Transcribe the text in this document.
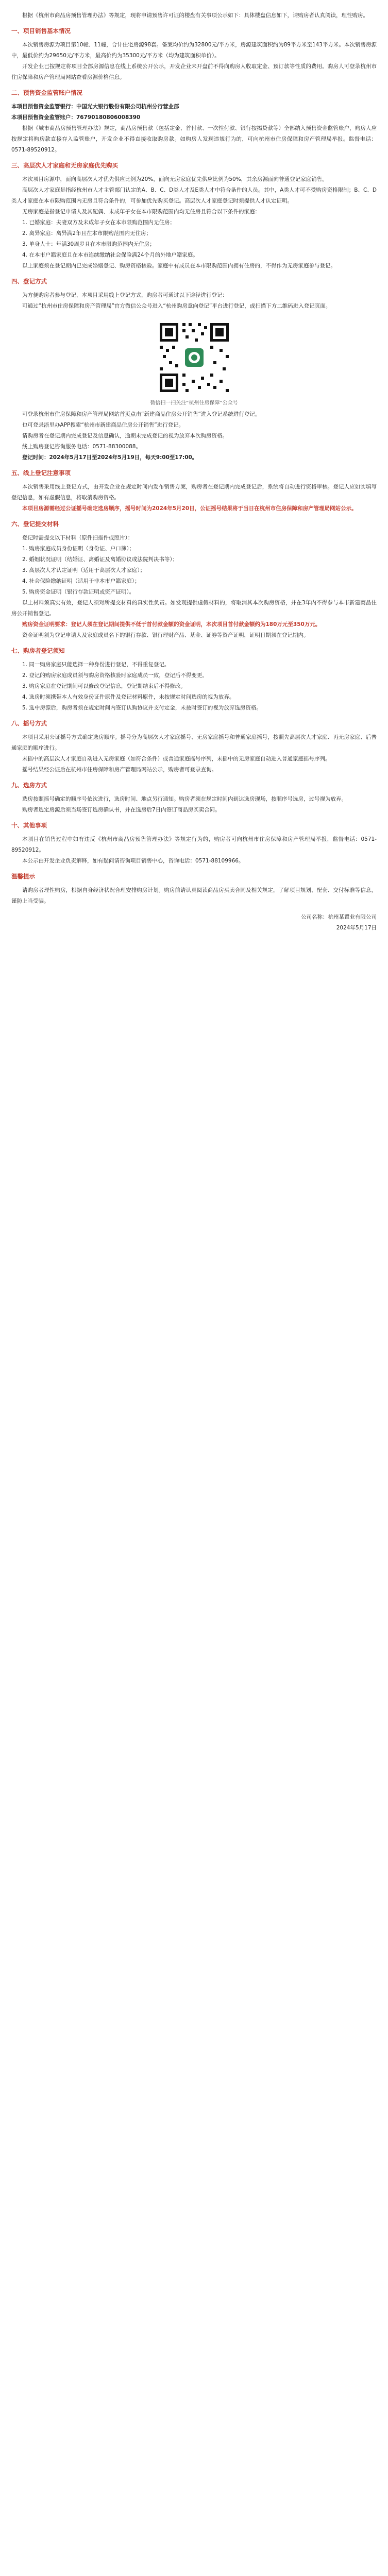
根据《杭州市商品房预售管理办法》等规定，现将申请预售许可证的楼盘有关事项公示如下：具体楼盘信息如下，请购房者认真阅读，理性购房。

一、项目销售基本情况

本次销售房源为项目第10幢、11幢，合计住宅房源98套。备案均价约为32800元/平方米，房源建筑面积约为89平方米至143平方米。本次销售房源中，最低价约为29650元/平方米，最高价约为35300元/平方米（均为建筑面积单价）。

开发企业已按规定将项目全部房源信息在线上系统公开公示，开发企业未开盘前不得向购房人收取定金、预订款等性质的费用。购房人可登录杭州市住房保障和房产管理局网站查看房源价格信息。

二、预售资金监管账户情况

本项目预售资金监管银行：中国光大银行股份有限公司杭州分行营业部

本项目预售资金监管账户：76790180806008390

根据《城市商品房预售管理办法》规定，商品房预售款（包括定金、首付款、一次性付款、银行按揭贷款等）全部纳入预售资金监管账户，购房人应按规定将购房款直接存入监管账户，开发企业不得直接收取购房款。如购房人发现违规行为的，可向杭州市住房保障和房产管理局举报。监督电话：0571-89520912。

三、高层次人才家庭和无房家庭优先购买

本次项目房源中，面向高层次人才优先供应比例为20%，面向无房家庭优先供应比例为50%，其余房源面向普通登记家庭销售。

高层次人才家庭是指经杭州市人才主管部门认定的A、B、C、D类人才及E类人才中符合条件的人员。其中，A类人才可不受购房资格限制；B、C、D类人才家庭在本市限购范围内无房且符合条件的，可参加优先购买登记。高层次人才家庭登记时须提供人才认定证明。

无房家庭是指登记申请人及其配偶、未成年子女在本市限购范围内均无住房且符合以下条件的家庭：

1. 已婚家庭：夫妻双方及未成年子女在本市限购范围内无住房；

2. 离异家庭：离异满2年且在本市限购范围内无住房；

3. 单身人士：年满30周岁且在本市限购范围内无住房；

4. 在本市户籍家庭且在本市连续缴纳社会保险满24个月的外地户籍家庭。

以上家庭须在登记期内已完成婚姻登记、购房资格核验。家庭中有成员在本市限购范围内拥有住房的，不得作为无房家庭参与登记。

四、登记方式

为方便购房者参与登记，本项目采用线上登记方式，购房者可通过以下途径进行登记：

可通过“杭州市住房保障和房产管理局”官方微信公众号进入“杭州购房意向登记”平台进行登记，或扫描下方二维码进入登记页面。

微信扫一扫关注“杭州住房保障”公众号

可登录杭州市住房保障和房产管理局网站首页点击“新建商品住房公开销售”进入登记系统进行登记。

也可登录浙里办APP搜索“杭州市新建商品住房公开销售”进行登记。

请购房者在登记期内完成登记及信息确认，逾期未完成登记的视为放弃本次购房资格。

线上购房登记咨询服务电话：0571-88300088。

登记时间：2024年5月17日至2024年5月19日，每天9:00至17:00。

五、线上登记注意事项

本次销售采用线上登记方式，由开发企业在规定时间内发布销售方案，购房者在登记期内完成登记后，系统将自动进行资格审核。登记人应如实填写登记信息，如有虚假信息，将取消购房资格。

本项目房源需经过公证摇号确定选房顺序，摇号时间为2024年5月20日，公证摇号结果将于当日在杭州市住房保障和房产管理局网站公示。

六、登记提交材料

登记时需提交以下材料（原件扫描件或照片）：

1. 购房家庭成员身份证明（身份证、户口簿）；

2. 婚姻状况证明（结婚证、离婚证及离婚协议或法院判决书等）；

3. 高层次人才认定证明（适用于高层次人才家庭）；

4. 社会保险缴纳证明（适用于非本市户籍家庭）；

5. 购房资金证明（银行存款证明或资产证明）。

以上材料须真实有效，登记人须对所提交材料的真实性负责。如发现提供虚假材料的，将取消其本次购房资格，并在3年内不得参与本市新建商品住房公开销售登记。

购房资金证明要求：登记人须在登记期间提供不低于首付款金额的资金证明，本次项目首付款金额约为180万元至350万元。

资金证明须为登记申请人及家庭成员名下的银行存款、银行理财产品、基金、证券等资产证明，证明日期须在登记期内。

七、购房者登记须知

1. 同一购房家庭只能选择一种身份进行登记，不得重复登记。

2. 登记的购房家庭成员须与购房资格核验时家庭成员一致，登记后不得变更。

3. 购房家庭在登记期间可以修改登记信息，登记期结束后不得修改。

4. 选房时须携带本人有效身份证件原件及登记材料原件，未按规定时间选房的视为放弃。

5. 选中房源后，购房者须在规定时间内签订认购协议并支付定金，未按时签订的视为放弃选房资格。

八、摇号方式

本项目采用公证摇号方式确定选房顺序。摇号分为高层次人才家庭摇号、无房家庭摇号和普通家庭摇号，按照先高层次人才家庭、再无房家庭、后普通家庭的顺序进行。

未摇中的高层次人才家庭自动进入无房家庭（如符合条件）或普通家庭摇号序列，未摇中的无房家庭自动进入普通家庭摇号序列。

摇号结果经公证后在杭州市住房保障和房产管理局网站公示，购房者可登录查询。

九、选房方式

选房按照摇号确定的顺序号依次进行，选房时间、地点另行通知。购房者须在规定时间内到达选房现场，按顺序号选房，过号视为放弃。

购房者选定房源后须当场签订选房确认书，并在选房后7日内签订商品房买卖合同。

十、其他事项

本项目在销售过程中如有违反《杭州市商品房预售管理办法》等规定行为的，购房者可向杭州市住房保障和房产管理局举报，监督电话：0571-89520912。

本公示由开发企业负责解释，如有疑问请咨询项目销售中心，咨询电话：0571-88109966。

温馨提示

请购房者理性购房，根据自身经济状况合理安排购房计划。购房前请认真阅读商品房买卖合同及相关规定，了解项目规划、配套、交付标准等信息，谨防上当受骗。

公司名称：杭州某置业有限公司
2024年5月17日
